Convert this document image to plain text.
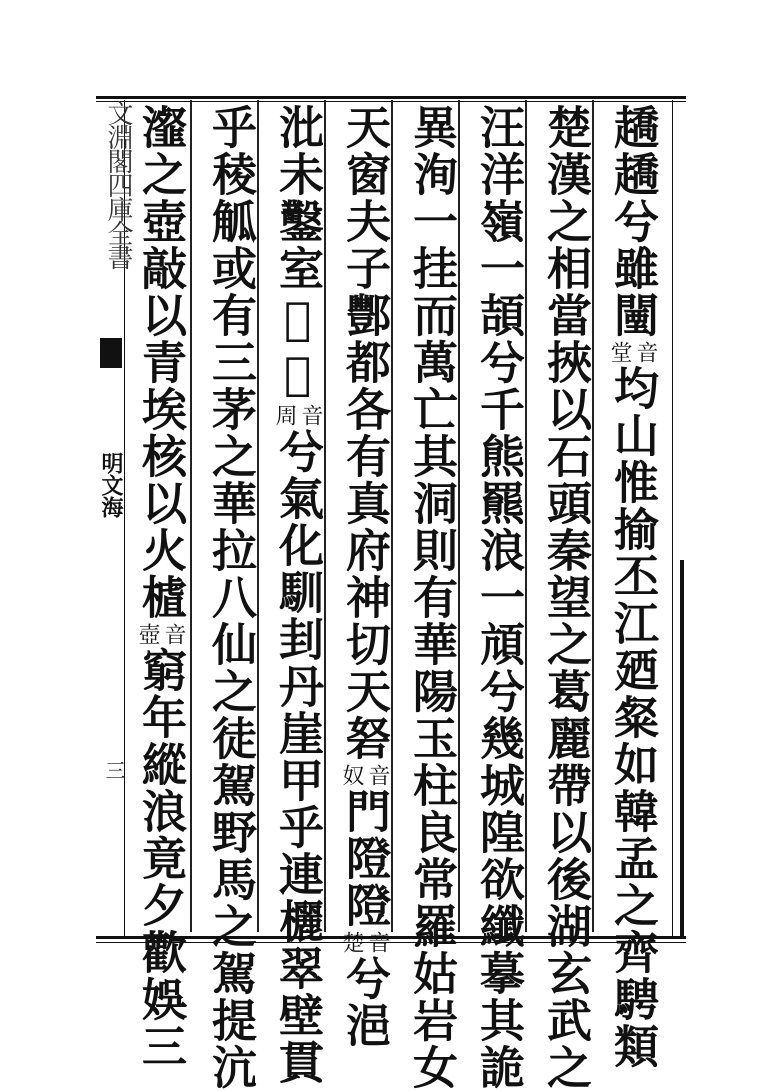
文淵閣四庫全書
明文海
三
趫趫兮雖闉
音
堂
均山惟揄丕江廼粲如韓孟之齊騁類
楚漢之相當挾以石頭秦望之葛麗帶以後湖玄武之
汪洋嶺一頡兮千熊羆浪一頏兮幾城隍欲纖摹其詭
異洵一挂而萬亡其洞則有華陽玉柱良常羅姑岩女
天窗夫子酆都各有真府神切天砮
音
奴
門隥隥
音
楚
兮浥
沘未鑿室𨵿𨵿
音
周
兮氣化馴刲丹崖甲乎連欐翠壁貫
乎稜觚或有三茅之華拉八仙之徒駕野馬之駕提沆
瀣之壺敲以青埃核以火樝
音
壺
窮年縱浪竟夕歡娛三
